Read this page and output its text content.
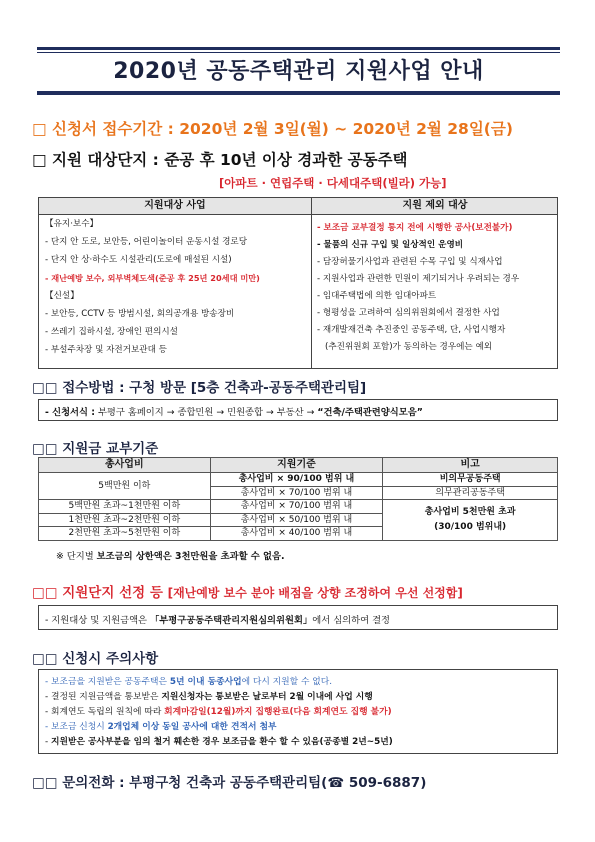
2020년 공동주택관리 지원사업 안내
□ 신청서 접수기간 : 2020년 2월 3일(월) ~ 2020년 2월 28일(금)
□ 지원 대상단지 : 준공 후 10년 이상 경과한 공동주택
[아파트 · 연립주택 · 다세대주택(빌라) 가능]
지원대상 사업	지원 제외 대상
【유지·보수】
- 단지 안 도로, 보안등, 어린이놀이터 운동시설 경로당
- 단지 안 상·하수도 시설관리(도로에 매설된 시설)
- 재난예방 보수, 외부벽체도색(준공 후 25년 20세대 미만)
【신설】
- 보안등, CCTV 등 방범시설, 회의공개용 방송장비
- 쓰레기 집하시설, 장애인 편의시설
- 부설주차장 및 자전거보관대 등
- 보조금 교부결정 통지 전에 시행한 공사(보전불가)
- 물품의 신규 구입 및 일상적인 운영비
- 담장허물기사업과 관련된 수목 구입 및 식재사업
- 지원사업과 관련한 민원이 제기되거나 우려되는 경우
- 임대주택법에 의한 임대아파트
- 형평성을 고려하여 심의위원회에서 결정한 사업
- 재개발재건축 추진중인 공동주택, 단, 사업시행자
(추진위원회 포함)가 동의하는 경우에는 예외
□□ 접수방법 : 구청 방문 [5층 건축과-공동주택관리팀]
- 신청서식 : 부평구 홈페이지 → 종합민원 → 민원종합 → 부동산 → “건축/주택관련양식모음”
□□ 지원금 교부기준
총사업비	지원기준	비고
5백만원 이하	총사업비 × 90/100 범위 내	비의무공동주택
	총사업비 × 70/100 범위 내	의무관리공동주택
5백만원 초과~1천만원 이하	총사업비 × 70/100 범위 내	총사업비 5천만원 초과
(30/100 범위내)

1천만원 초과~2천만원 이하	총사업비 × 50/100 범위 내	
2천만원 초과~5천만원 이하	총사업비 × 40/100 범위 내	
※ 단지별 보조금의 상한액은 3천만원을 초과할 수 없음.
□□ 지원단지 선정 등 [재난예방 보수 분야 배점을 상향 조정하여 우선 선정함]
- 지원대상 및 지원금액은 「부평구공동주택관리지원심의위원회」에서 심의하여 결정
□□ 신청시 주의사항
- 보조금을 지원받은 공동주택은 5년 이내 동종사업에 다시 지원할 수 없다.
- 결정된 지원금액을 통보받은 지원신청자는 통보받은 날로부터 2월 이내에 사업 시행
- 회계연도 독립의 원칙에 따라 회계마감일(12월)까지 집행완료(다음 회계연도 집행 불가)
- 보조금 신청시 2개업체 이상 동일 공사에 대한 견적서 첨부
- 지원받은 공사부분을 임의 철거 훼손한 경우 보조금을 환수 할 수 있음(공종별 2년~5년)
□□ 문의전화 : 부평구청 건축과 공동주택관리팀(☎ 509-6887)
